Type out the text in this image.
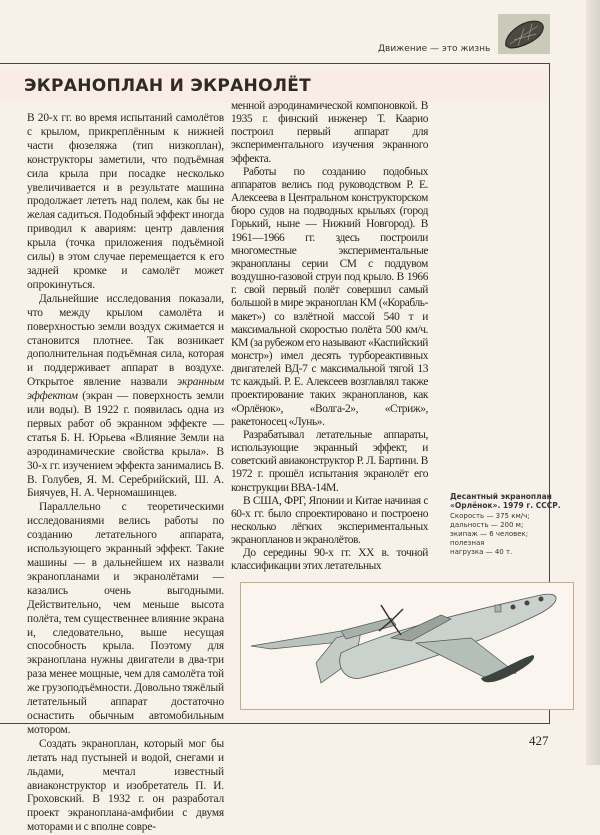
Движение — это жизнь
ЭКРАНОПЛАН И ЭКРАНОЛЁТ

В 20-х гг. во время испытаний самолётов с крылом, прикреплённым к нижней части фюзеляжа (тип низкоплан), конструкторы заметили, что подъёмная сила крыла при посадке несколько увеличивается и в результате машина продолжает лететь над полем, как бы не желая садиться. Подобный эффект иногда приводил к авариям: центр давления крыла (точка приложения подъёмной силы) в этом случае перемещается к его задней кромке и самолёт может опрокинуться.

Дальнейшие исследования показали, что между крылом самолёта и поверхностью земли воздух сжимается и становится плотнее. Так возникает дополнительная подъёмная сила, которая и поддерживает аппарат в воздухе. Открытое явление назвали экранным эффектом (экран — поверхность земли или воды). В 1922 г. появилась одна из первых работ об экранном эффекте — статья Б. Н. Юрьева «Влияние Земли на аэродинамические свойства крыла». В 30-х гг. изучением эффекта занимались В. В. Голубев, Я. М. Серебрийский, Ш. А. Биячуев, Н. А. Черномашинцев.

Параллельно с теоретическими исследованиями велись работы по созданию летательного аппарата, использующего экранный эффект. Такие машины — в дальнейшем их назвали экранопланами и экранолётами — казались очень выгодными. Действительно, чем меньше высота полёта, тем существеннее влияние экрана и, следовательно, выше несущая способность крыла. Поэтому для экраноплана нужны двигатели в два-три раза менее мощные, чем для самолёта той же грузоподъёмности. Довольно тяжёлый летательный аппарат достаточно оснастить обычным автомобильным мотором.

Создать экраноплан, который мог бы летать над пустыней и водой, снегами и льдами, мечтал известный авиаконструктор и изобретатель П. И. Гроховский. В 1932 г. он разработал проект экраноплана-амфибии с двумя моторами и с вполне совре-

менной аэродинамической компоновкой. В 1935 г. финский инженер Т. Каарио построил первый аппарат для экспериментального изучения экранного эффекта.

Работы по созданию подобных аппаратов велись под руководством Р. Е. Алексеева в Центральном конструкторском бюро судов на подводных крыльях (город Горький, ныне — Нижний Новгород). В 1961—1966 гг. здесь построили многоместные экспериментальные экранопланы серии СМ с поддувом воздушно-газовой струи под крыло. В 1966 г. свой первый полёт совершил самый большой в мире экраноплан КМ («Корабль-макет») со взлётной массой 540 т и максимальной скоростью полёта 500 км/ч. КМ (за рубежом его называют «Каспийский монстр») имел десять турбореактивных двигателей ВД-7 с максимальной тягой 13 тс каждый. Р. Е. Алексеев возглавлял также проектирование таких экранопланов, как «Орлёнок», «Волга-2», «Стриж», ракетоносец «Лунь».

Разрабатывал летательные аппараты, использующие экранный эффект, и советский авиаконструктор Р. Л. Бартини. В 1972 г. прошёл испытания экранолёт его конструкции ВВА-14М.

В США, ФРГ, Японии и Китае начиная с 60-х гг. было спроектировано и построено несколько лёгких экспериментальных экранопланов и экранолётов.

До середины 90-х гг. XX в. точной классификации этих летательных

Десантный экраноплан «Орлёнок». 1979 г. СССР.
Скорость — 375 км/ч;
дальность — 200 м;
экипаж — 6 человек;
полезная
нагрузка — 40 т.
427
